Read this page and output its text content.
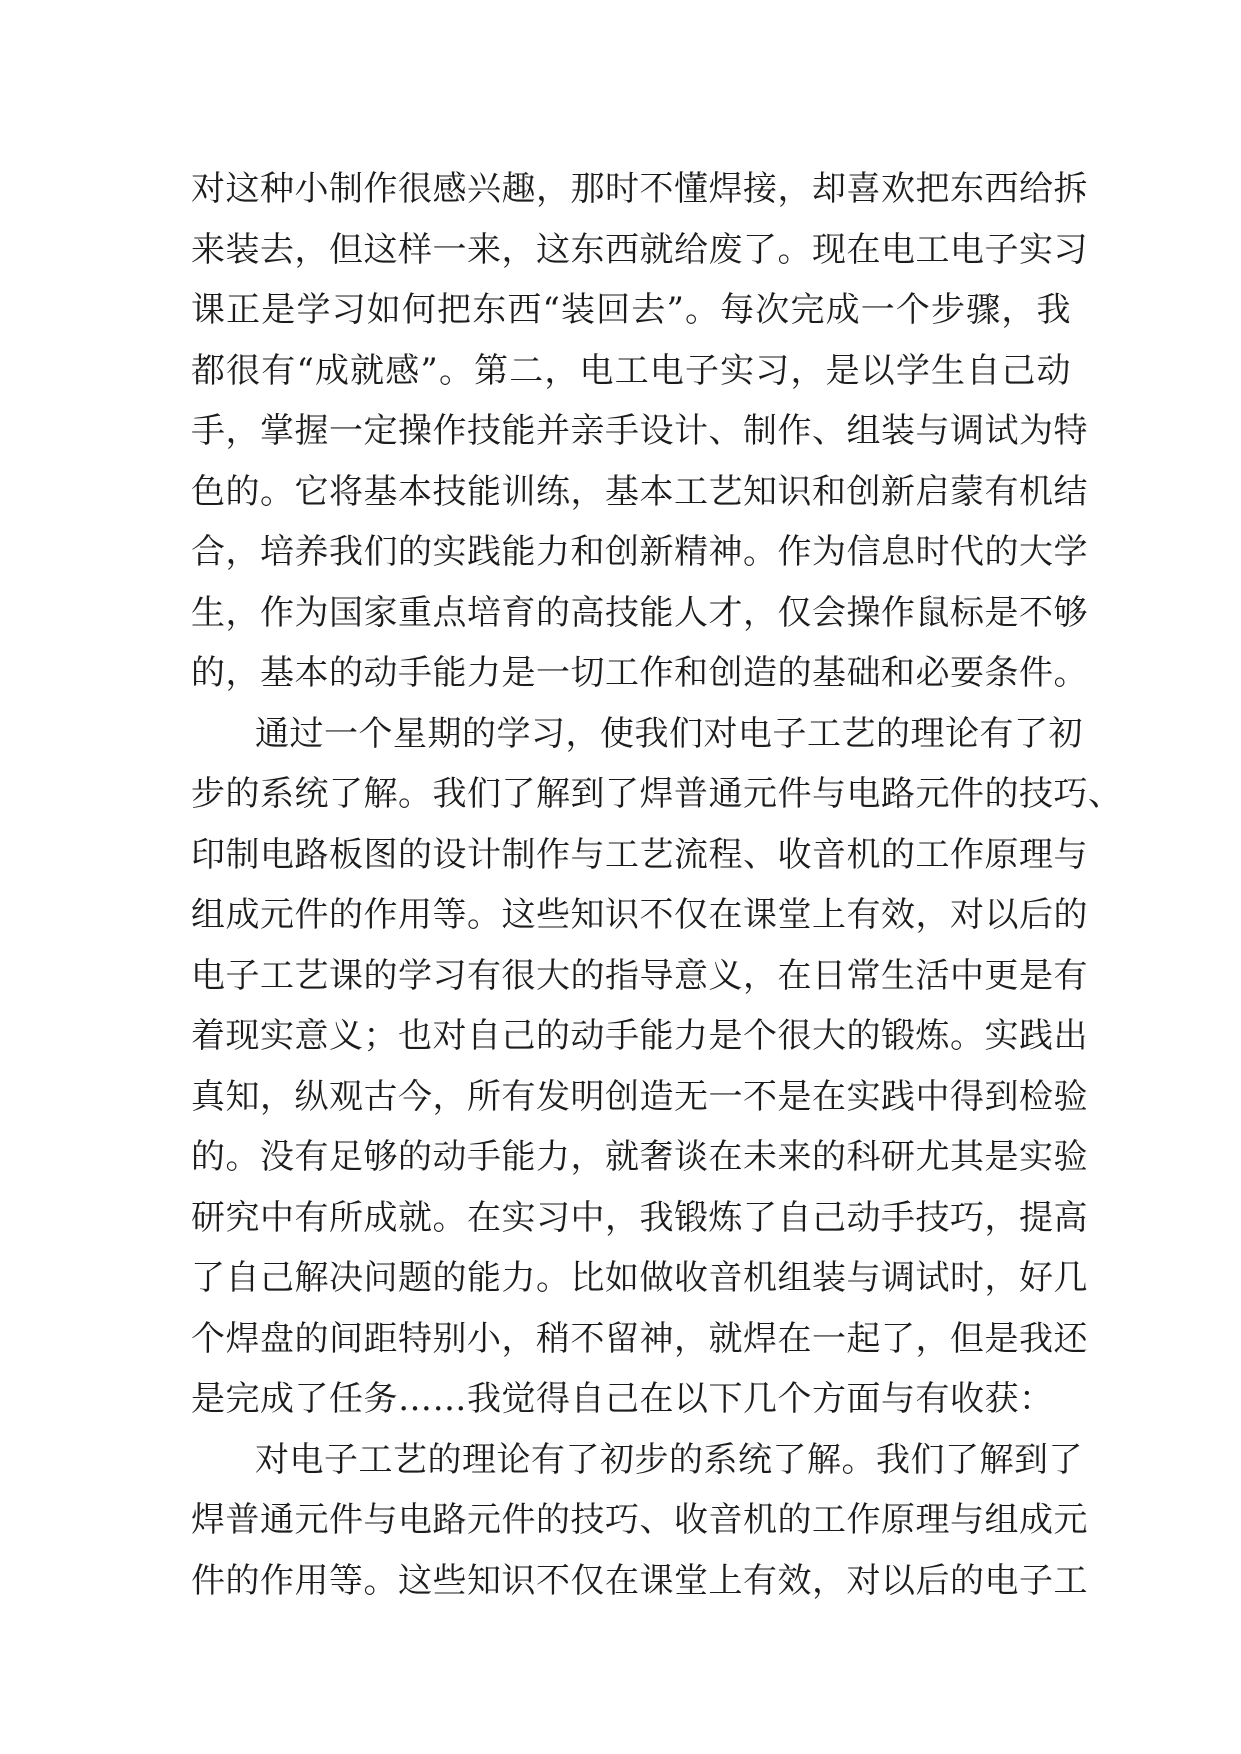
对这种小制作很感兴趣，那时不懂焊接，却喜欢把东西给拆
来装去，但这样一来，这东西就给废了。现在电工电子实习
课正是学习如何把东西“装回去”。每次完成一个步骤，我
都很有“成就感”。第二，电工电子实习，是以学生自己动
手，掌握一定操作技能并亲手设计、制作、组装与调试为特
色的。它将基本技能训练，基本工艺知识和创新启蒙有机结
合，培养我们的实践能力和创新精神。作为信息时代的大学
生，作为国家重点培育的高技能人才，仅会操作鼠标是不够
的，基本的动手能力是一切工作和创造的基础和必要条件。
通过一个星期的学习，使我们对电子工艺的理论有了初
步的系统了解。我们了解到了焊普通元件与电路元件的技巧、
印制电路板图的设计制作与工艺流程、收音机的工作原理与
组成元件的作用等。这些知识不仅在课堂上有效，对以后的
电子工艺课的学习有很大的指导意义，在日常生活中更是有
着现实意义；也对自己的动手能力是个很大的锻炼。实践出
真知，纵观古今，所有发明创造无一不是在实践中得到检验
的。没有足够的动手能力，就奢谈在未来的科研尤其是实验
研究中有所成就。在实习中，我锻炼了自己动手技巧，提高
了自己解决问题的能力。比如做收音机组装与调试时，好几
个焊盘的间距特别小，稍不留神，就焊在一起了，但是我还
是完成了任务……我觉得自己在以下几个方面与有收获：
对电子工艺的理论有了初步的系统了解。我们了解到了
焊普通元件与电路元件的技巧、收音机的工作原理与组成元
件的作用等。这些知识不仅在课堂上有效，对以后的电子工
